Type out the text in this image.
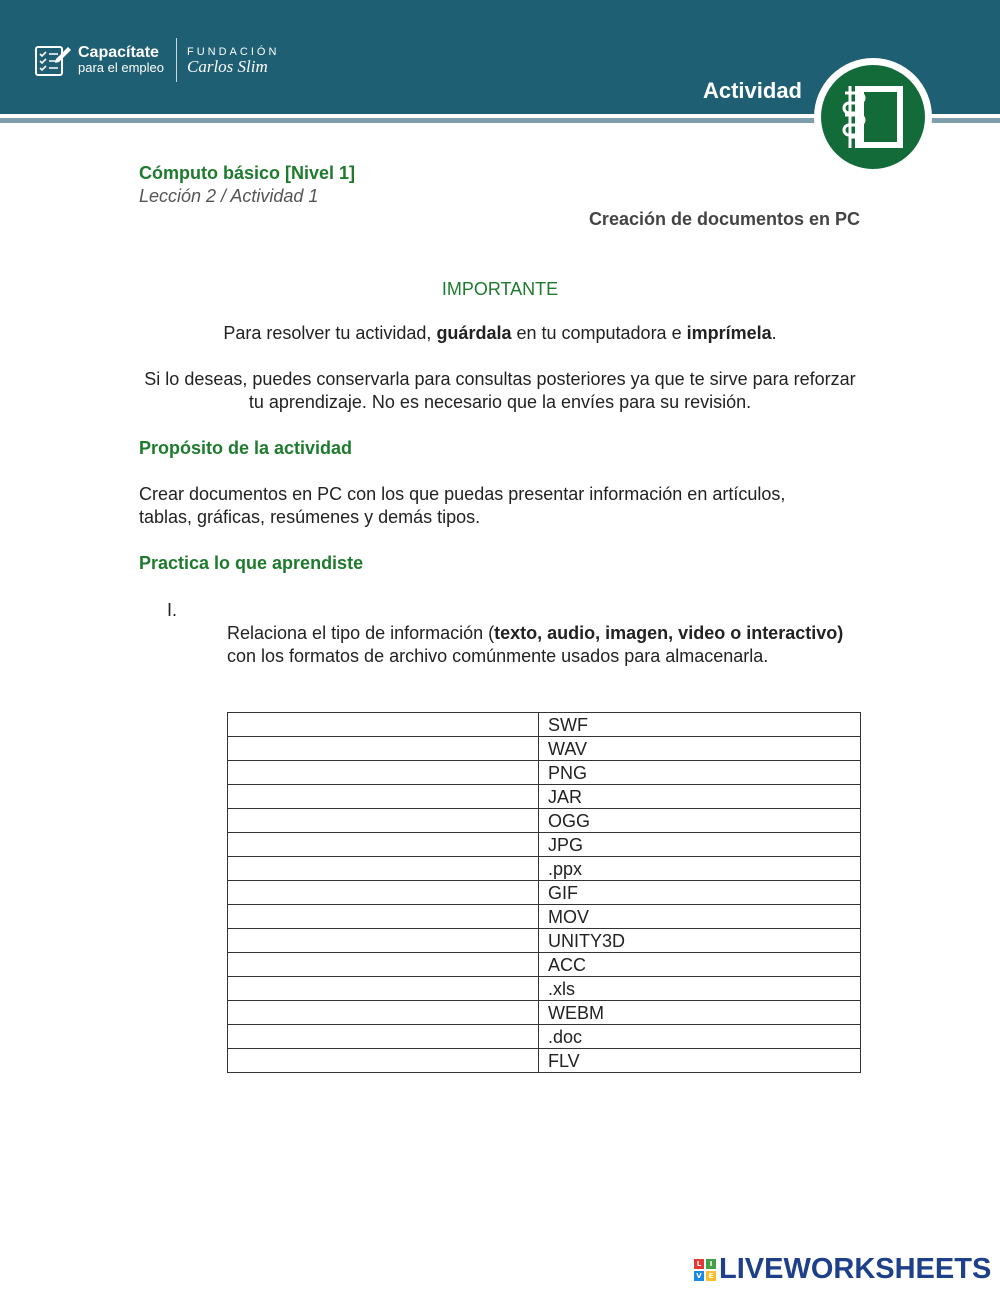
Capacítate
para el empleo
FUNDACIÓN
Carlos Slim
Actividad
Cómputo básico [Nivel 1]
Lección 2 / Actividad 1
Creación de documentos en PC
IMPORTANTE
Para resolver tu actividad, guárdala en tu computadora e imprímela.
Si lo deseas, puedes conservarla para consultas posteriores ya que te sirve para reforzar tu aprendizaje. No es necesario que la envíes para su revisión.
Propósito de la actividad
Crear documentos en PC con los que puedas presentar información en artículos, tablas, gráficas, resúmenes y demás tipos.
Practica lo que aprendiste
I.
Relaciona el tipo de información (texto, audio, imagen, video o interactivo) con los formatos de archivo comúnmente usados para almacenarla.
	SWF
	WAV
	PNG
	JAR
	OGG
	JPG
	.ppx
	GIF
	MOV
	UNITY3D
	ACC
	.xls
	WEBM
	.doc
	FLV
L	I
V E LIVEWORKSHEETS
